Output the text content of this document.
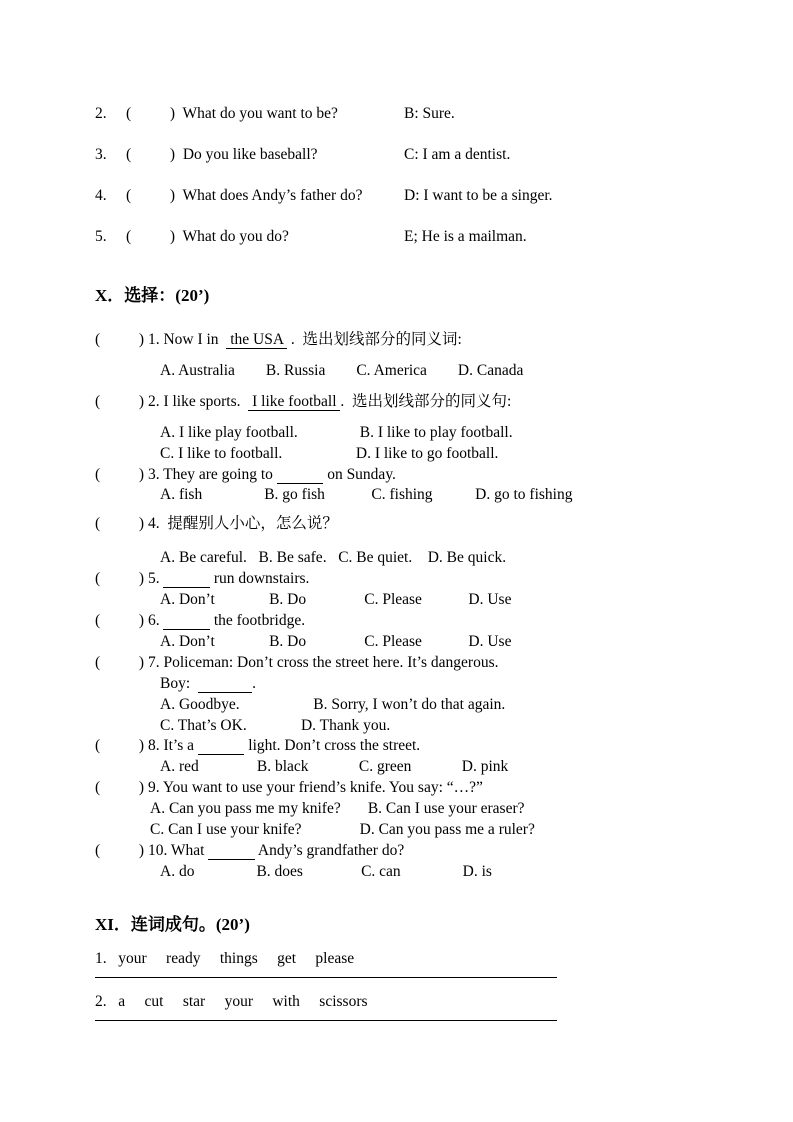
2.     (          )  What do you want to be?	B: Sure.
3.     (          )  Do you like baseball?	C: I am a dentist.
4.     (          )  What does Andy’s father do?	D: I want to be a singer.
5.     (          )  What do you do?	E; He is a mailman.
X．选择：(20’)
(          ) 1. Now I in   the USA  .  选出划线部分的同义词:
A. Australia        B. Russia        C. America        D. Canada
(          ) 2. I like sports.   I like football .  选出划线部分的同义句:
A. I like play football.                B. I like to play football.
C. I like to football.                   D. I like to go football.
(          ) 3. They are going to	on Sunday.
A. fish                B. go fish            C. fishing           D. go to fishing
(          ) 4.  提醒别人小心，怎么说？
A. Be careful.   B. Be safe.   C. Be quiet.    D. Be quick.
(          ) 5.	run downstairs.
A. Don’t              B. Do               C. Please            D. Use
(          ) 6.	the footbridge.
A. Don’t              B. Do               C. Please            D. Use
(          ) 7. Policeman: Don’t cross the street here. It’s dangerous.
Boy:	.
A. Goodbye.                   B. Sorry, I won’t do that again.
C. That’s OK.              D. Thank you.
(          ) 8. It’s a	light. Don’t cross the street.
A. red               B. black             C. green             D. pink
(          ) 9. You want to use your friend’s knife. You say: “…?”
A. Can you pass me my knife?       B. Can I use your eraser?
C. Can I use your knife?               D. Can you pass me a ruler?
(          ) 10. What	Andy’s grandfather do?
A. do                B. does               C. can                D. is
XI．连词成句。(20’)
1.   your     ready     things     get     please
2.   a     cut     star     your     with     scissors
